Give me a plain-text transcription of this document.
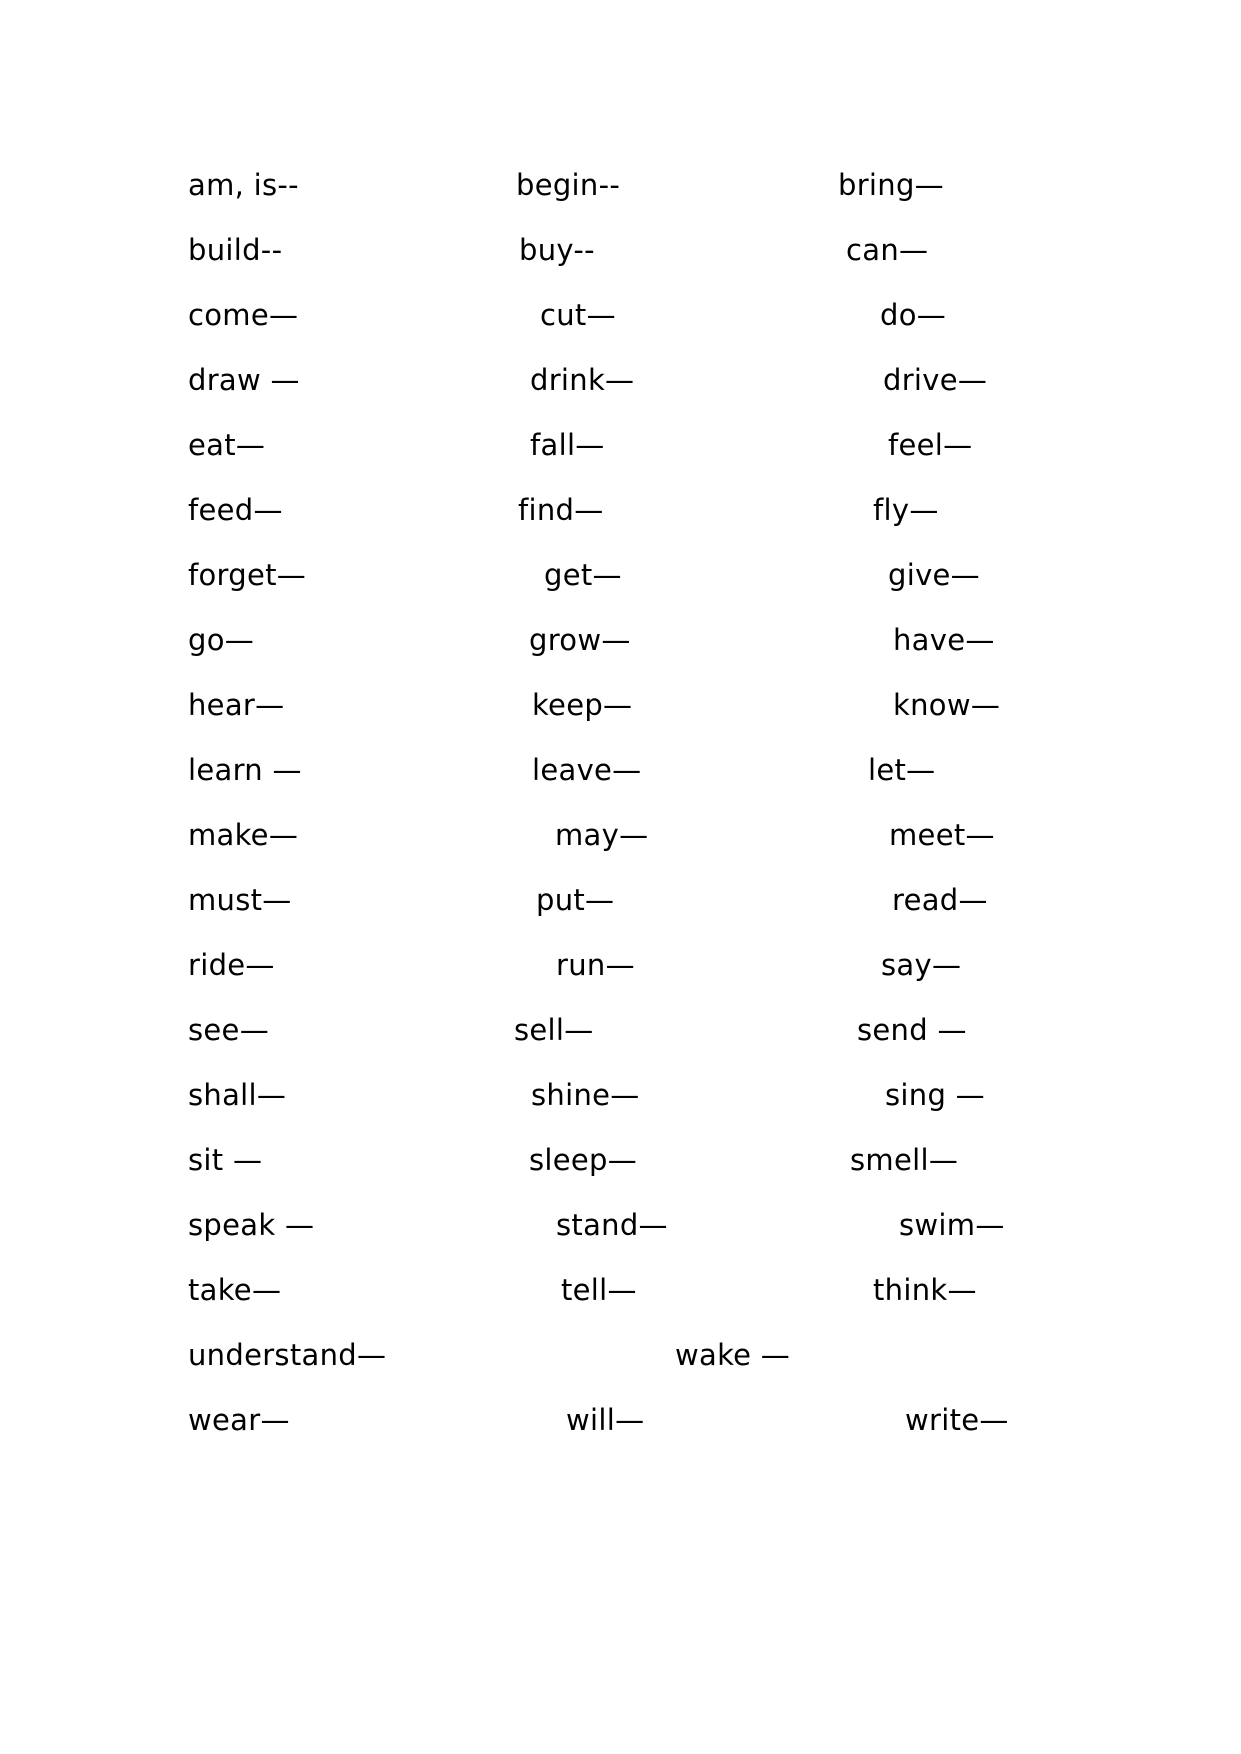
am, is--	begin--	bring—
build--	buy--	can—
come—	cut—	do—
draw —	drink—	drive—
eat—	fall—	feel—
feed—	find—	fly—
forget—	get—	give—
go—	grow—	have—
hear—	keep—	know—
learn —	leave—	let—
make—	may—	meet—
must—	put—	read—
ride—	run—	say—
see—	sell—	send —
shall—	shine—	sing —
sit —	sleep—	smell—
speak —	stand—	swim—
take—	tell—	think—
understand—	wake —
wear—	will—	write—
